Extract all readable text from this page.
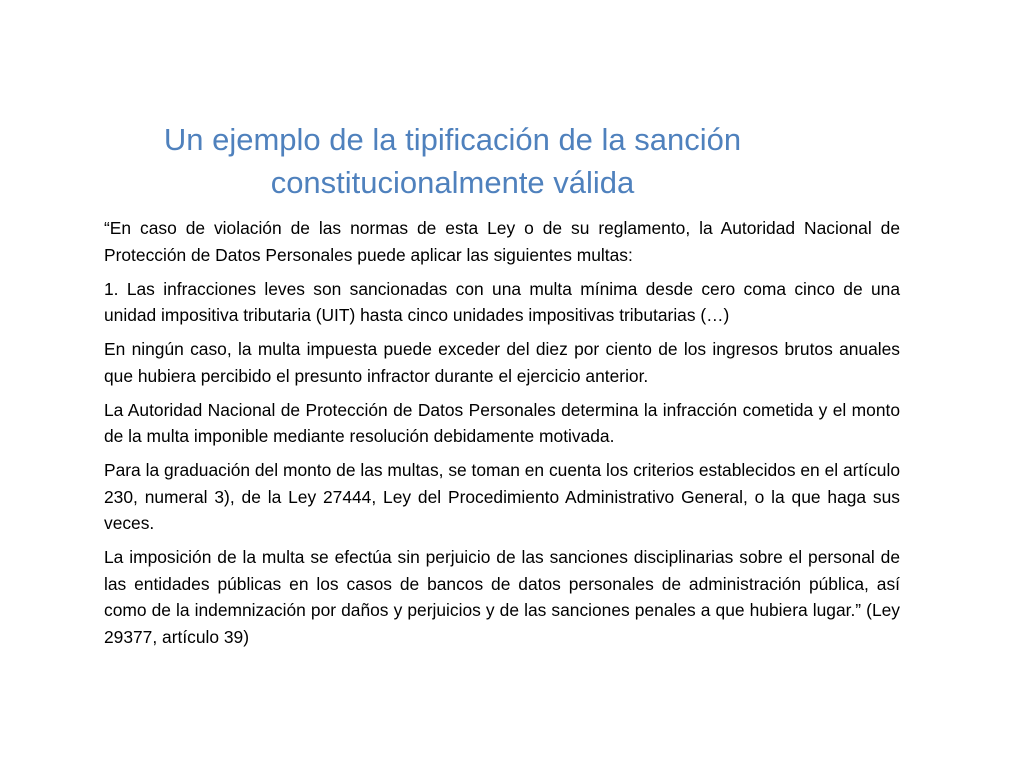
Un ejemplo de la tipificación de la sanción
constitucionalmente válida

“En caso de violación de las normas de esta Ley o de su reglamento, la Autoridad Nacional de Protección de Datos Personales puede aplicar las siguientes multas:

1. Las infracciones leves son sancionadas con una multa mínima desde cero coma cinco de una unidad impositiva tributaria (UIT) hasta cinco unidades impositivas tributarias (…)

En ningún caso, la multa impuesta puede exceder del diez por ciento de los ingresos brutos anuales que hubiera percibido el presunto infractor durante el ejercicio anterior.

La Autoridad Nacional de Protección de Datos Personales determina la infracción cometida y el monto de la multa imponible mediante resolución debidamente motivada.

Para la graduación del monto de las multas, se toman en cuenta los criterios establecidos en el artículo 230, numeral 3), de la Ley 27444, Ley del Procedimiento Administrativo General, o la que haga sus veces.

La imposición de la multa se efectúa sin perjuicio de las sanciones disciplinarias sobre el personal de las entidades públicas en los casos de bancos de datos personales de administración pública, así como de la indemnización por daños y perjuicios y de las sanciones penales a que hubiera lugar.” (Ley 29377, artículo 39)
